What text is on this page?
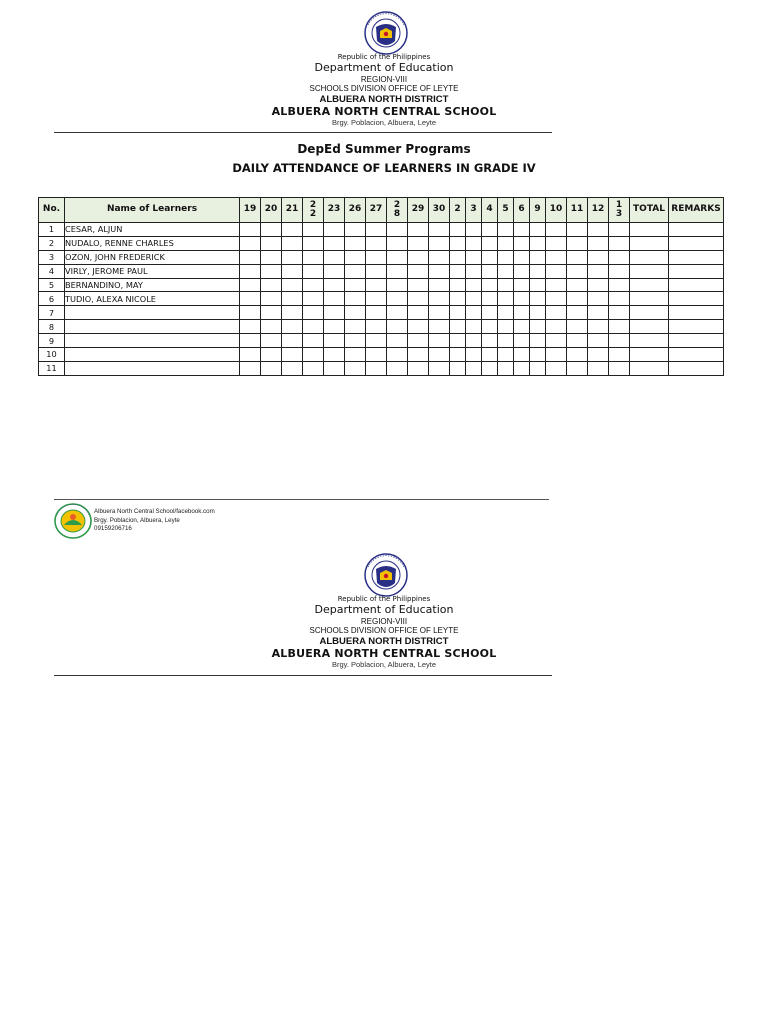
Republic of the Philippines
Department of Education
REGION-VIII
SCHOOLS DIVISION OFFICE OF LEYTE
ALBUERA NORTH DISTRICT
ALBUERA NORTH CENTRAL SCHOOL
Brgy. Poblacion, Albuera, Leyte
DepEd Summer Programs
DAILY ATTENDANCE OF LEARNERS IN GRADE IV
No.	Name of Learners	19	20	21	22	23	26	27	28	29	30	2	3	4	5	6	9	10	11	12	13	TOTAL	REMARKS
1	CESAR, ALJUN																						
2	NUDALO, RENNE CHARLES																						
3	OZON, JOHN FREDERICK																						
4	VIRLY, JEROME PAUL																						
5	BERNANDINO, MAY																						
6	TUDIO, ALEXA NICOLE																						
7																							
8																							
9																							
10																							
11																							
Albuera North Central School/facebook.com
Brgy. Poblacion, Albuera, Leyte
09159206716
Republic of the Philippines
Department of Education
REGION-VIII
SCHOOLS DIVISION OFFICE OF LEYTE
ALBUERA NORTH DISTRICT
ALBUERA NORTH CENTRAL SCHOOL
Brgy. Poblacion, Albuera, Leyte
